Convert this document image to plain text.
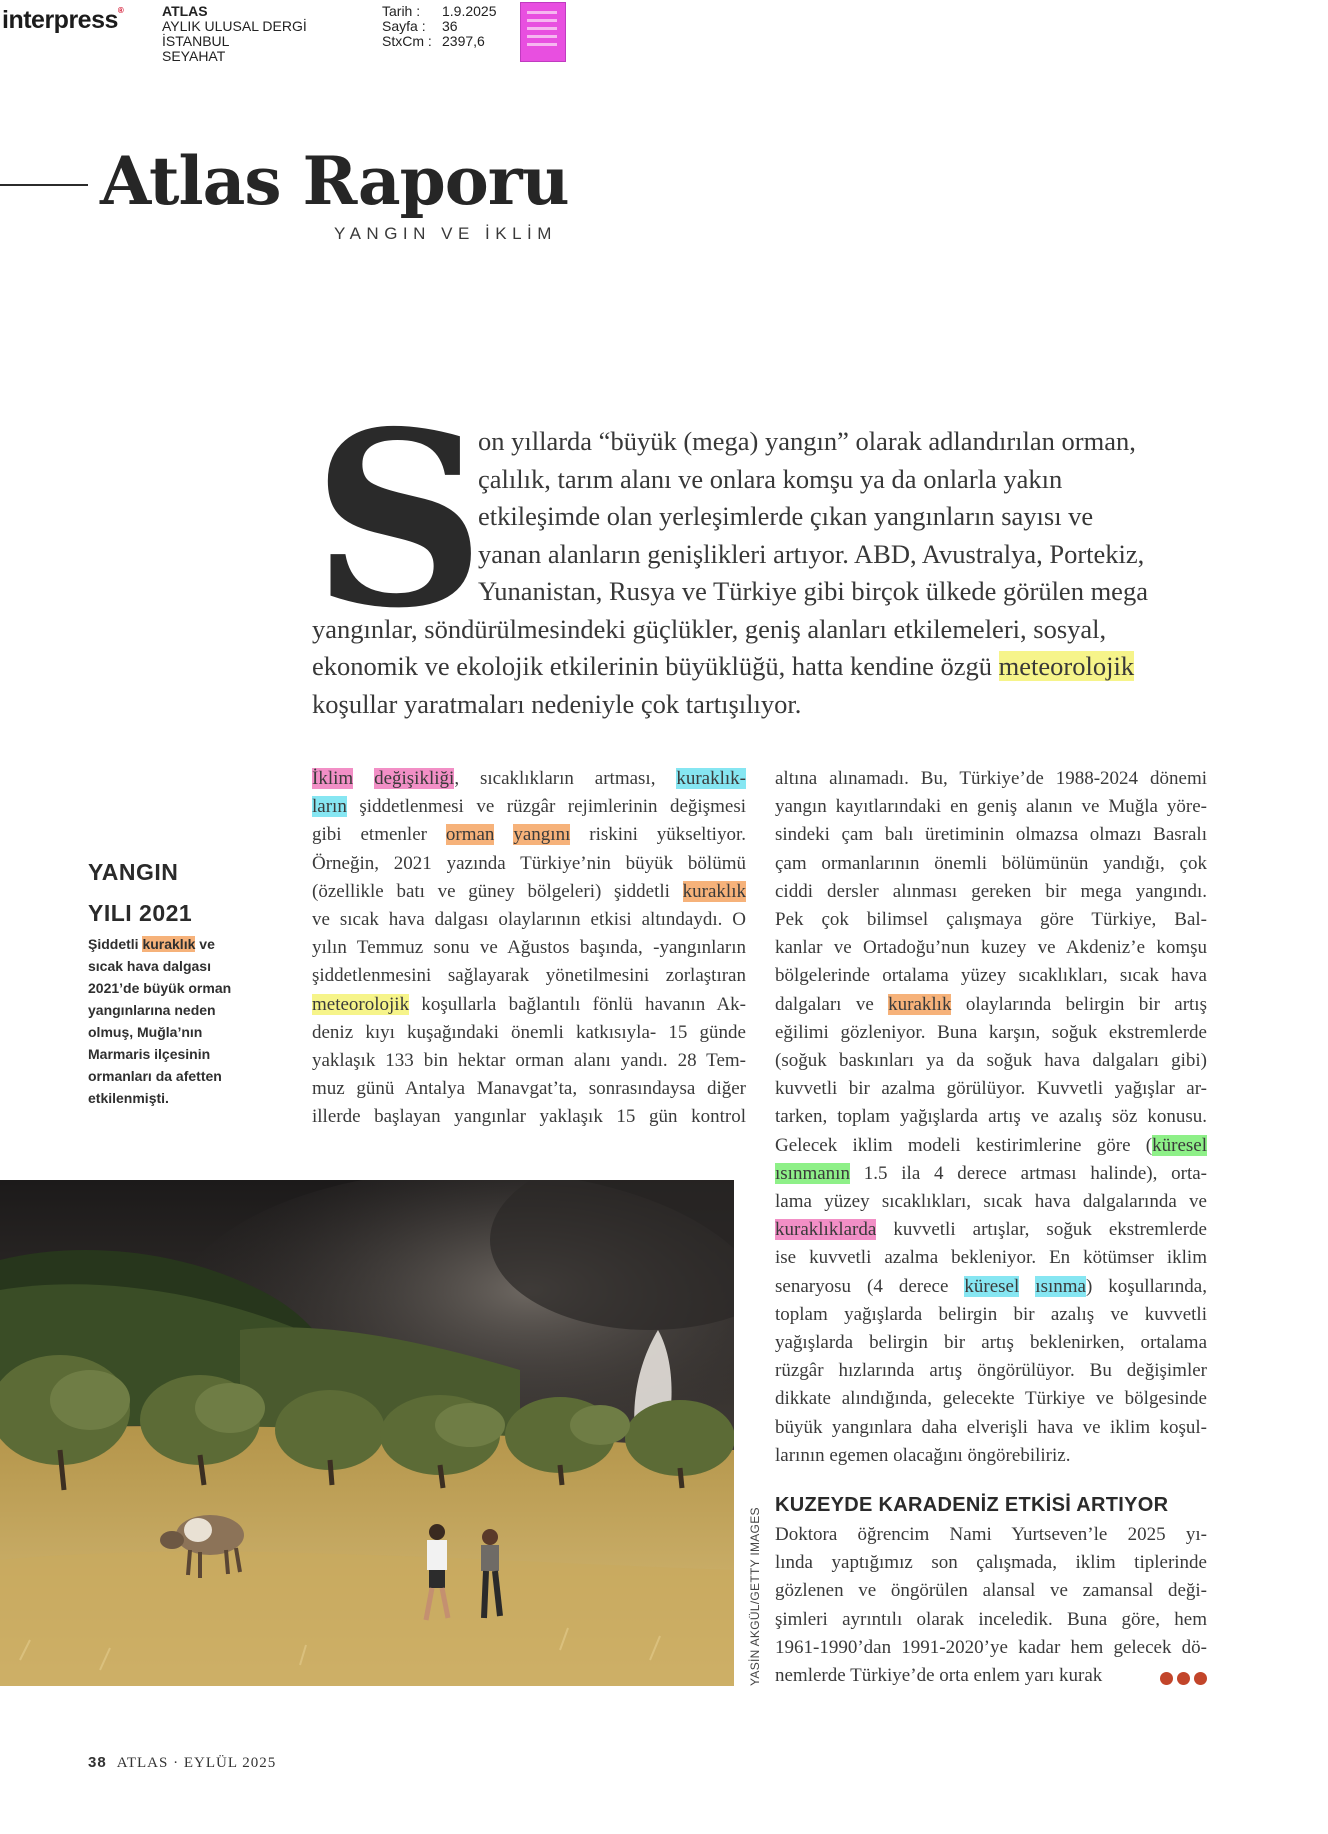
interpress®	ATLAS
AYLIK ULUSAL DERGİ
İSTANBUL
SEYAHAT
Tarih :	1.9.2025
Sayfa :	36
StxCm : 2397,6
Atlas Raporu
YANGIN VE İKLİM
S
on yıllarda “büyük (mega) yangın” olarak adlandırılan orman,
çalılık, tarım alanı ve onlara komşu ya da onlarla yakın
etkileşimde olan yerleşimlerde çıkan yangınların sayısı ve
yanan alanların genişlikleri artıyor. ABD, Avustralya, Portekiz,
Yunanistan, Rusya ve Türkiye gibi birçok ülkede görülen mega
yangınlar, söndürülmesindeki güçlükler, geniş alanları etkilemeleri, sosyal,
ekonomik ve ekolojik etkilerinin büyüklüğü, hatta kendine özgü meteorolojik
koşullar yaratmaları nedeniyle çok tartışılıyor.
YANGIN
YILI 2021
Şiddetli kuraklık ve
sıcak hava dalgası
2021’de büyük orman
yangınlarına neden
olmuş, Muğla’nın
Marmaris ilçesinin
ormanları da afetten
etkilenmişti.
İklim değişikliği, sıcaklıkların artması, kuraklık-
ların şiddetlenmesi ve rüzgâr rejimlerinin değişmesi
gibi etmenler orman yangını riskini yükseltiyor.
Örneğin, 2021 yazında Türkiye’nin büyük bölümü
(özellikle batı ve güney bölgeleri) şiddetli kuraklık
ve sıcak hava dalgası olaylarının etkisi altındaydı. O
yılın Temmuz sonu ve Ağustos başında, -yangınların
şiddetlenmesini sağlayarak yönetilmesini zorlaştıran
meteorolojik koşullarla bağlantılı fönlü havanın Ak-
deniz kıyı kuşağındaki önemli katkısıyla- 15 günde
yaklaşık 133 bin hektar orman alanı yandı. 28 Tem-
muz günü Antalya Manavgat’ta, sonrasındaysa diğer
illerde başlayan yangınlar yaklaşık 15 gün kontrol
altına alınamadı. Bu, Türkiye’de 1988-2024 dönemi
yangın kayıtlarındaki en geniş alanın ve Muğla yöre-
sindeki çam balı üretiminin olmazsa olmazı Basralı
çam ormanlarının önemli bölümünün yandığı, çok
ciddi dersler alınması gereken bir mega yangındı.
Pek çok bilimsel çalışmaya göre Türkiye, Bal-
kanlar ve Ortadoğu’nun kuzey ve Akdeniz’e komşu
bölgelerinde ortalama yüzey sıcaklıkları, sıcak hava
dalgaları ve kuraklık olaylarında belirgin bir artış
eğilimi gözleniyor. Buna karşın, soğuk ekstremlerde
(soğuk baskınları ya da soğuk hava dalgaları gibi)
kuvvetli bir azalma görülüyor. Kuvvetli yağışlar ar-
tarken, toplam yağışlarda artış ve azalış söz konusu.
Gelecek iklim modeli kestirimlerine göre (küresel
ısınmanın 1.5 ila 4 derece artması halinde), orta-
lama yüzey sıcaklıkları, sıcak hava dalgalarında ve
kuraklıklarda kuvvetli artışlar, soğuk ekstremlerde
ise kuvvetli azalma bekleniyor. En kötümser iklim
senaryosu (4 derece küresel ısınma) koşullarında,
toplam yağışlarda belirgin bir azalış ve kuvvetli
yağışlarda belirgin bir artış beklenirken, ortalama
rüzgâr hızlarında artış öngörülüyor. Bu değişimler
dikkate alındığında, gelecekte Türkiye ve bölgesinde
büyük yangınlara daha elverişli hava ve iklim koşul-
larının egemen olacağını öngörebiliriz.
KUZEYDE KARADENİZ ETKİSİ ARTIYOR
Doktora öğrencim Nami Yurtseven’le 2025 yı-
lında yaptığımız son çalışmada, iklim tiplerinde
gözlenen ve öngörülen alansal ve zamansal deği-
şimleri ayrıntılı olarak inceledik. Buna göre, hem
1961-1990’dan 1991-2020’ye kadar hem gelecek dö-
nemlerde Türkiye’de orta enlem yarı kurak
YASİN AKGÜL/GETTY IMAGES
38 ATLAS · EYLÜL 2025
